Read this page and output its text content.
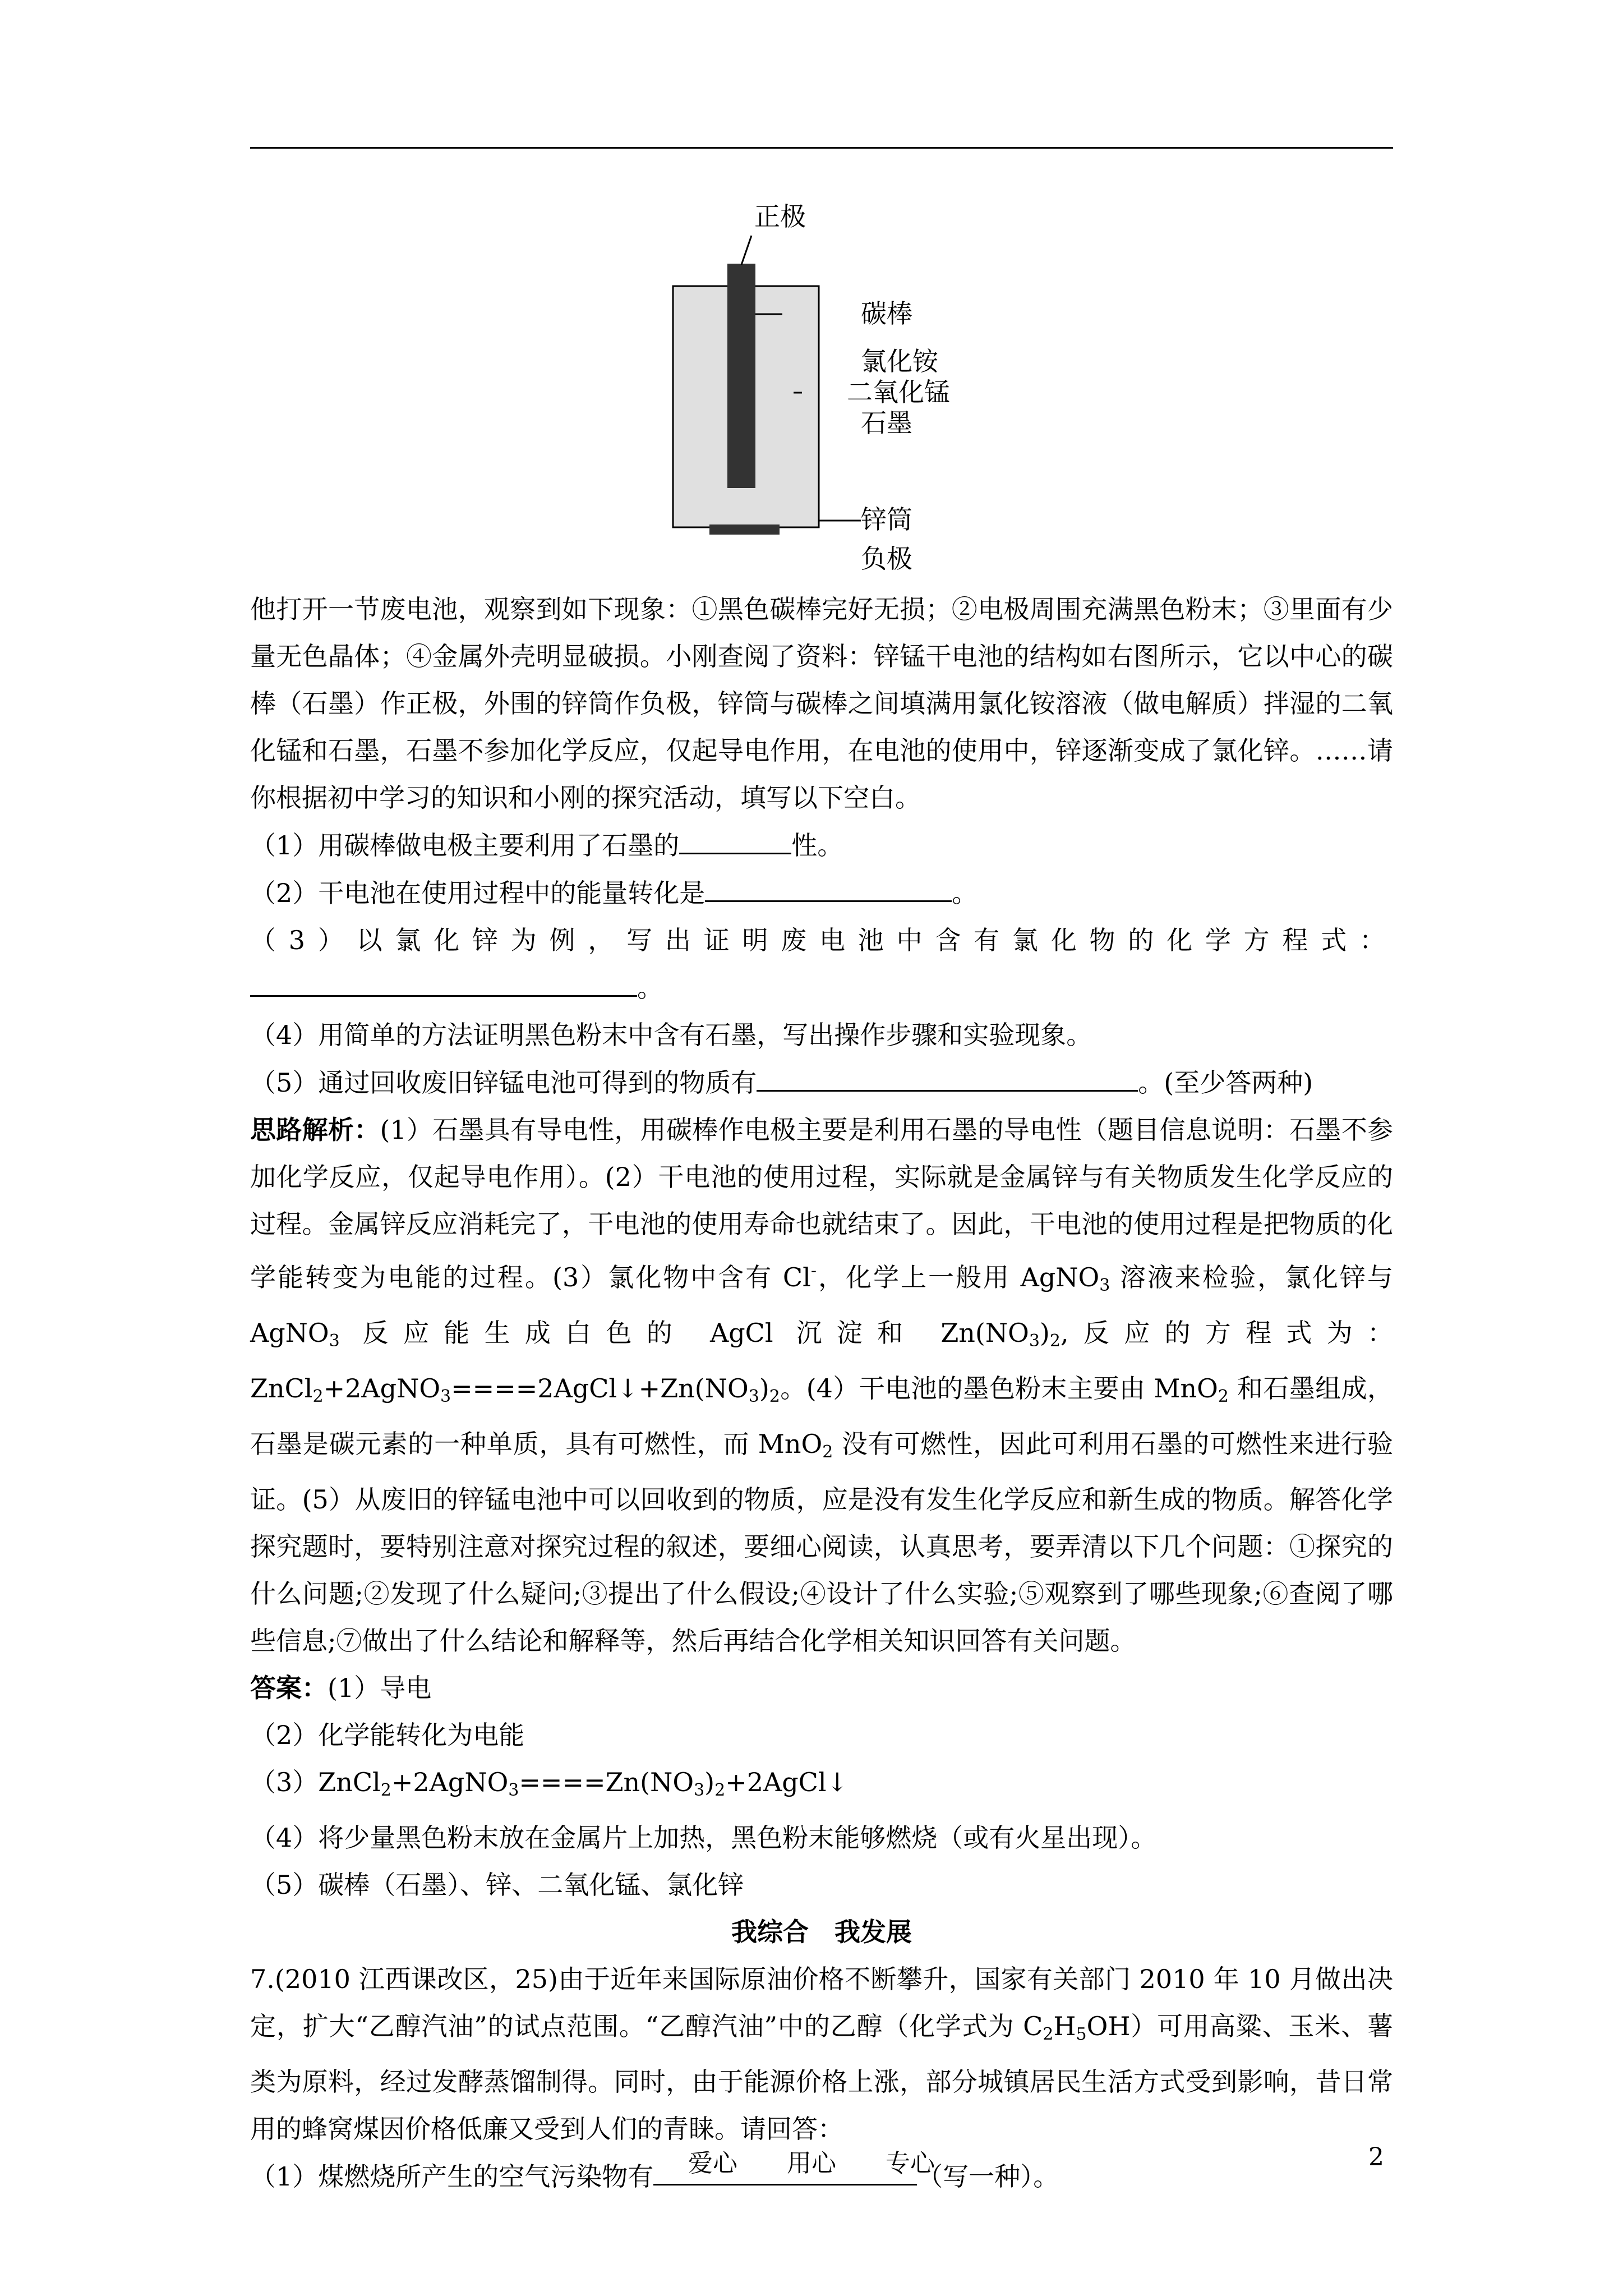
正极
碳棒
氯化铵
二氧化锰
石墨
锌筒
负极

他打开一节废电池，观察到如下现象：①黑色碳棒完好无损；②电极周围充满黑色粉末；③里面有少量无色晶体；④金属外壳明显破损。小刚查阅了资料：锌锰干电池的结构如右图所示，它以中心的碳棒（石墨）作正极，外围的锌筒作负极，锌筒与碳棒之间填满用氯化铵溶液（做电解质）拌湿的二氧化锰和石墨，石墨不参加化学反应，仅起导电作用，在电池的使用中，锌逐渐变成了氯化锌。……请你根据初中学习的知识和小刚的探究活动，填写以下空白。

（1）用碳棒做电极主要利用了石墨的	性。

（2）干电池在使用过程中的能量转化是	。

（3）以氯化锌为例，写出证明废电池中含有氯化物的化学方程式：

。

（4）用简单的方法证明黑色粉末中含有石墨，写出操作步骤和实验现象。

（5）通过回收废旧锌锰电池可得到的物质有	。(至少答两种)

思路解析：(1）石墨具有导电性，用碳棒作电极主要是利用石墨的导电性（题目信息说明：石墨不参加化学反应，仅起导电作用）。(2）干电池的使用过程，实际就是金属锌与有关物质发生化学反应的过程。金属锌反应消耗完了，干电池的使用寿命也就结束了。因此，干电池的使用过程是把物质的化学能转变为电能的过程。(3）氯化物中含有 Cl-，化学上一般用 AgNO$_3$ 溶液来检验，氯化锌与 AgNO$_3$ 反应能生成白色的 AgCl 沉淀和 $Zn(NO_3)_2$,反应的方程式为：$ZnCl_2+2AgNO_3====2AgCl↓+Zn(NO_3)_2$。(4）干电池的墨色粉末主要由 MnO$_2$ 和石墨组成，石墨是碳元素的一种单质，具有可燃性，而 MnO$_2$ 没有可燃性，因此可利用石墨的可燃性来进行验证。(5）从废旧的锌锰电池中可以回收到的物质，应是没有发生化学反应和新生成的物质。解答化学探究题时，要特别注意对探究过程的叙述，要细心阅读，认真思考，要弄清以下几个问题：①探究的什么问题;②发现了什么疑问;③提出了什么假设;④设计了什么实验;⑤观察到了哪些现象;⑥查阅了哪些信息;⑦做出了什么结论和解释等，然后再结合化学相关知识回答有关问题。

答案：(1）导电

（2）化学能转化为电能

$(3)ZnCl_2+2AgNO_3====Zn(NO_3)_2+2AgCl↓$

（4）将少量黑色粉末放在金属片上加热，黑色粉末能够燃烧（或有火星出现）。

（5）碳棒（石墨）、锌、二氧化锰、氯化锌

我综合　我发展

7.(2010 江西课改区，25)由于近年来国际原油价格不断攀升，国家有关部门 2010 年 10 月做出决定，扩大“乙醇汽油”的试点范围。“乙醇汽油”中的乙醇（化学式为 $C_2H_5OH$）可用高粱、玉米、薯类为原料，经过发酵蒸馏制得。同时，由于能源价格上涨，部分城镇居民生活方式受到影响，昔日常用的蜂窝煤因价格低廉又受到人们的青睐。请回答：

（1）煤燃烧所产生的空气污染物有	（写一种）。

爱心　　用心　　专心	2
